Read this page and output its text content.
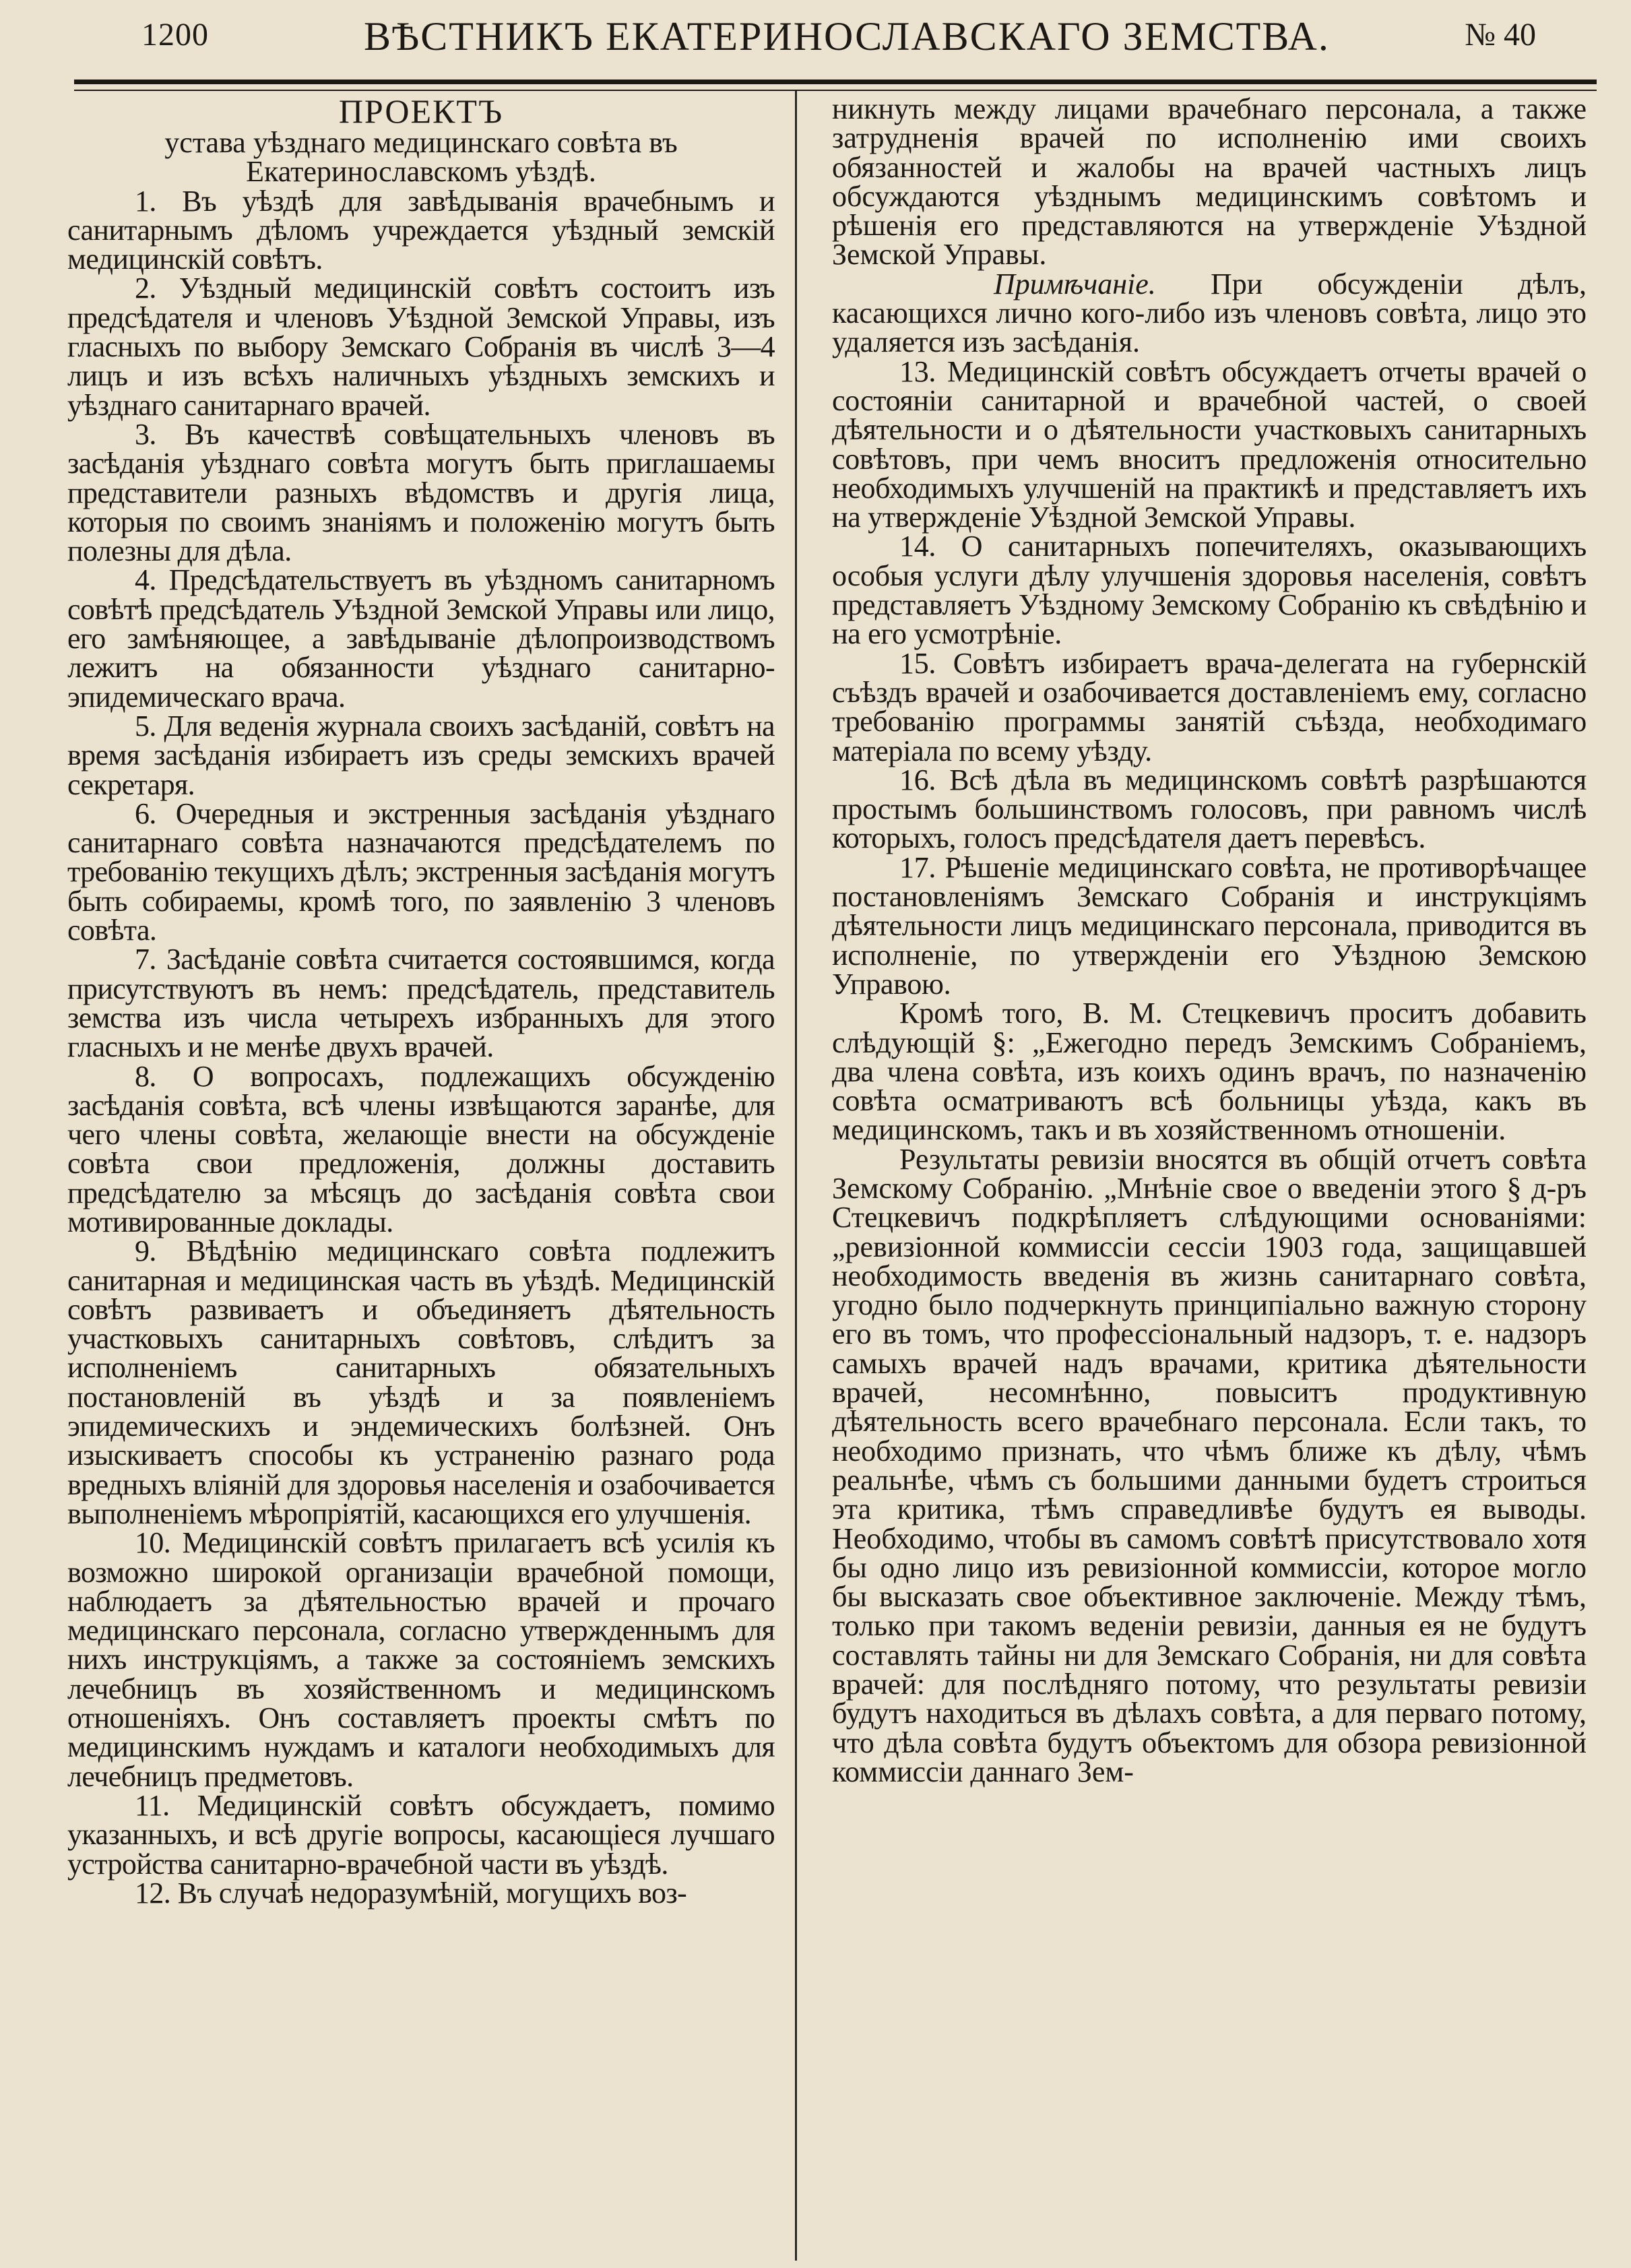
1200	ВѢСТНИКЪ ЕКАТЕРИНОСЛАВСКАГО ЗЕМСТВА.	№ 40

ПРОЕКТЪ

устава уѣзднаго медицинскаго совѣта въ Екатеринославскомъ уѣздѣ.

1. Въ уѣздѣ для завѣдыванія врачебнымъ и санитарнымъ дѣломъ учреждается уѣздный земскій медицинскій совѣтъ.

2. Уѣздный медицинскій совѣтъ состоитъ изъ предсѣдателя и членовъ Уѣздной Земской Управы, изъ гласныхъ по выбору Земскаго Собранія въ числѣ 3—4 лицъ и изъ всѣхъ наличныхъ уѣздныхъ земскихъ и уѣзднаго санитарнаго врачей.

3. Въ качествѣ совѣщательныхъ членовъ въ засѣданія уѣзднаго совѣта могутъ быть приглашаемы представители разныхъ вѣдомствъ и другія лица, которыя по своимъ знаніямъ и положенію могутъ быть полезны для дѣла.

4. Предсѣдательствуетъ въ уѣздномъ санитарномъ совѣтѣ предсѣдатель Уѣздной Земской Управы или лицо, его замѣняющее, а завѣдываніе дѣлопроизводствомъ лежитъ на обязанности уѣзднаго санитарно-эпидемическаго врача.

5. Для веденія журнала своихъ засѣданій, совѣтъ на время засѣданія избираетъ изъ среды земскихъ врачей секретаря.

6. Очередныя и экстренныя засѣданія уѣзднаго санитарнаго совѣта назначаются предсѣдателемъ по требованію текущихъ дѣлъ; экстренныя засѣданія могутъ быть собираемы, кромѣ того, по заявленію 3 членовъ совѣта.

7. Засѣданіе совѣта считается состоявшимся, когда присутствуютъ въ немъ: предсѣдатель, представитель земства изъ числа четырехъ избранныхъ для этого гласныхъ и не менѣе двухъ врачей.

8. О вопросахъ, подлежащихъ обсужденію засѣданія совѣта, всѣ члены извѣщаются заранѣе, для чего члены совѣта, желающіе внести на обсужденіе совѣта свои предложенія, должны доставить предсѣдателю за мѣсяцъ до засѣданія совѣта свои мотивированные доклады.

9. Вѣдѣнію медицинскаго совѣта подлежитъ санитарная и медицинская часть въ уѣздѣ. Медицинскій совѣтъ развиваетъ и объединяетъ дѣятельность участковыхъ санитарныхъ совѣтовъ, слѣдитъ за исполненіемъ санитарныхъ обязательныхъ постановленій въ уѣздѣ и за появленіемъ эпидемическихъ и эндемическихъ болѣзней. Онъ изыскиваетъ способы къ устраненію разнаго рода вредныхъ вліяній для здоровья населенія и озабочивается выполненіемъ мѣропріятій, касающихся его улучшенія.

10. Медицинскій совѣтъ прилагаетъ всѣ усилія къ возможно широкой организаціи врачебной помощи, наблюдаетъ за дѣятельностью врачей и прочаго медицинскаго персонала, согласно утвержденнымъ для нихъ инструкціямъ, а также за состояніемъ земскихъ лечебницъ въ хозяйственномъ и медицинскомъ отношеніяхъ. Онъ составляетъ проекты смѣтъ по медицинскимъ нуждамъ и каталоги необходимыхъ для лечебницъ предметовъ.

11. Медицинскій совѣтъ обсуждаетъ, помимо указанныхъ, и всѣ другіе вопросы, касающіеся лучшаго устройства санитарно-врачебной части въ уѣздѣ.

12. Въ случаѣ недоразумѣній, могущихъ воз-

никнуть между лицами врачебнаго персонала, а также затрудненія врачей по исполненію ими своихъ обязанностей и жалобы на врачей частныхъ лицъ обсуждаются уѣзднымъ медицинскимъ совѣтомъ и рѣшенія его представляются на утвержденіе Уѣздной Земской Управы.

Примѣчаніе. При обсужденіи дѣлъ, касающихся лично кого-либо изъ членовъ совѣта, лицо это удаляется изъ засѣданія.

13. Медицинскій совѣтъ обсуждаетъ отчеты врачей о состояніи санитарной и врачебной частей, о своей дѣятельности и о дѣятельности участковыхъ санитарныхъ совѣтовъ, при чемъ вноситъ предложенія относительно необходимыхъ улучшеній на практикѣ и представляетъ ихъ на утвержденіе Уѣздной Земской Управы.

14. О санитарныхъ попечителяхъ, оказывающихъ особыя услуги дѣлу улучшенія здоровья населенія, совѣтъ представляетъ Уѣздному Земскому Собранію къ свѣдѣнію и на его усмотрѣніе.

15. Совѣтъ избираетъ врача-делегата на губернскій съѣздъ врачей и озабочивается доставленіемъ ему, согласно требованію программы занятій съѣзда, необходимаго матеріала по всему уѣзду.

16. Всѣ дѣла въ медицинскомъ совѣтѣ разрѣшаются простымъ большинствомъ голосовъ, при равномъ числѣ которыхъ, голосъ предсѣдателя даетъ перевѣсъ.

17. Рѣшеніе медицинскаго совѣта, не противорѣчащее постановленіямъ Земскаго Собранія и инструкціямъ дѣятельности лицъ медицинскаго персонала, приводится въ исполненіе, по утвержденіи его Уѣздною Земскою Управою.

Кромѣ того, В. М. Стецкевичъ проситъ добавить слѣдующій §: „Ежегодно передъ Земскимъ Собраніемъ, два члена совѣта, изъ коихъ одинъ врачъ, по назначенію совѣта осматриваютъ всѣ больницы уѣзда, какъ въ медицинскомъ, такъ и въ хозяйственномъ отношеніи.

Результаты ревизіи вносятся въ общій отчетъ совѣта Земскому Собранію. „Мнѣніе свое о введеніи этого § д-ръ Стецкевичъ подкрѣпляетъ слѣдующими основаніями: „ревизіонной коммиссіи сессіи 1903 года, защищавшей необходимость введенія въ жизнь санитарнаго совѣта, угодно было подчеркнуть принципіально важную сторону его въ томъ, что профессіональный надзоръ, т. е. надзоръ самыхъ врачей надъ врачами, критика дѣятельности врачей, несомнѣнно, повыситъ продуктивную дѣятельность всего врачебнаго персонала. Если такъ, то необходимо признать, что чѣмъ ближе къ дѣлу, чѣмъ реальнѣе, чѣмъ съ большими данными будетъ строиться эта критика, тѣмъ справедливѣе будутъ ея выводы. Необходимо, чтобы въ самомъ совѣтѣ присутствовало хотя бы одно лицо изъ ревизіонной коммиссіи, которое могло бы высказать свое объективное заключеніе. Между тѣмъ, только при такомъ веденіи ревизіи, данныя ея не будутъ составлять тайны ни для Земскаго Собранія, ни для совѣта врачей: для послѣдняго потому, что результаты ревизіи будутъ находиться въ дѣлахъ совѣта, а для перваго потому, что дѣла совѣта будутъ объектомъ для обзора ревизіонной коммиссіи даннаго Зем-
